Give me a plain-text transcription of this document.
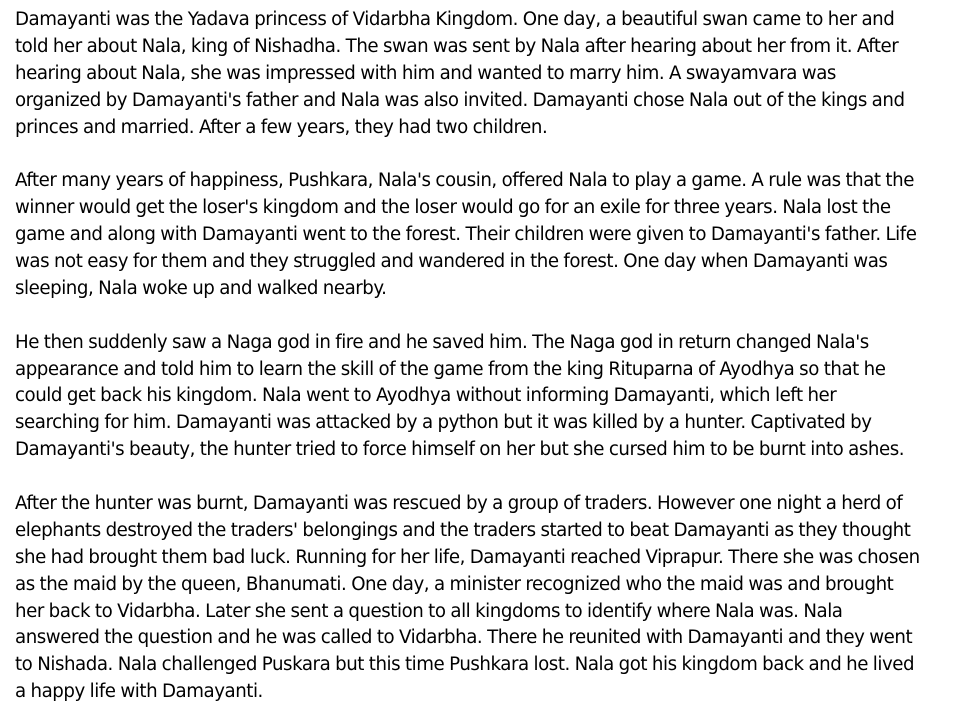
Damayanti was the Yadava princess of Vidarbha Kingdom. One day, a beautiful swan came to her and
told her about Nala, king of Nishadha. The swan was sent by Nala after hearing about her from it. After
hearing about Nala, she was impressed with him and wanted to marry him. A swayamvara was
organized by Damayanti's father and Nala was also invited. Damayanti chose Nala out of the kings and
princes and married. After a few years, they had two children.
After many years of happiness, Pushkara, Nala's cousin, offered Nala to play a game. A rule was that the
winner would get the loser's kingdom and the loser would go for an exile for three years. Nala lost the
game and along with Damayanti went to the forest. Their children were given to Damayanti's father. Life
was not easy for them and they struggled and wandered in the forest. One day when Damayanti was
sleeping, Nala woke up and walked nearby.
He then suddenly saw a Naga god in fire and he saved him. The Naga god in return changed Nala's
appearance and told him to learn the skill of the game from the king Rituparna of Ayodhya so that he
could get back his kingdom. Nala went to Ayodhya without informing Damayanti, which left her
searching for him. Damayanti was attacked by a python but it was killed by a hunter. Captivated by
Damayanti's beauty, the hunter tried to force himself on her but she cursed him to be burnt into ashes.
After the hunter was burnt, Damayanti was rescued by a group of traders. However one night a herd of
elephants destroyed the traders' belongings and the traders started to beat Damayanti as they thought
she had brought them bad luck. Running for her life, Damayanti reached Viprapur. There she was chosen
as the maid by the queen, Bhanumati. One day, a minister recognized who the maid was and brought
her back to Vidarbha. Later she sent a question to all kingdoms to identify where Nala was. Nala
answered the question and he was called to Vidarbha. There he reunited with Damayanti and they went
to Nishada. Nala challenged Puskara but this time Pushkara lost. Nala got his kingdom back and he lived
a happy life with Damayanti.
